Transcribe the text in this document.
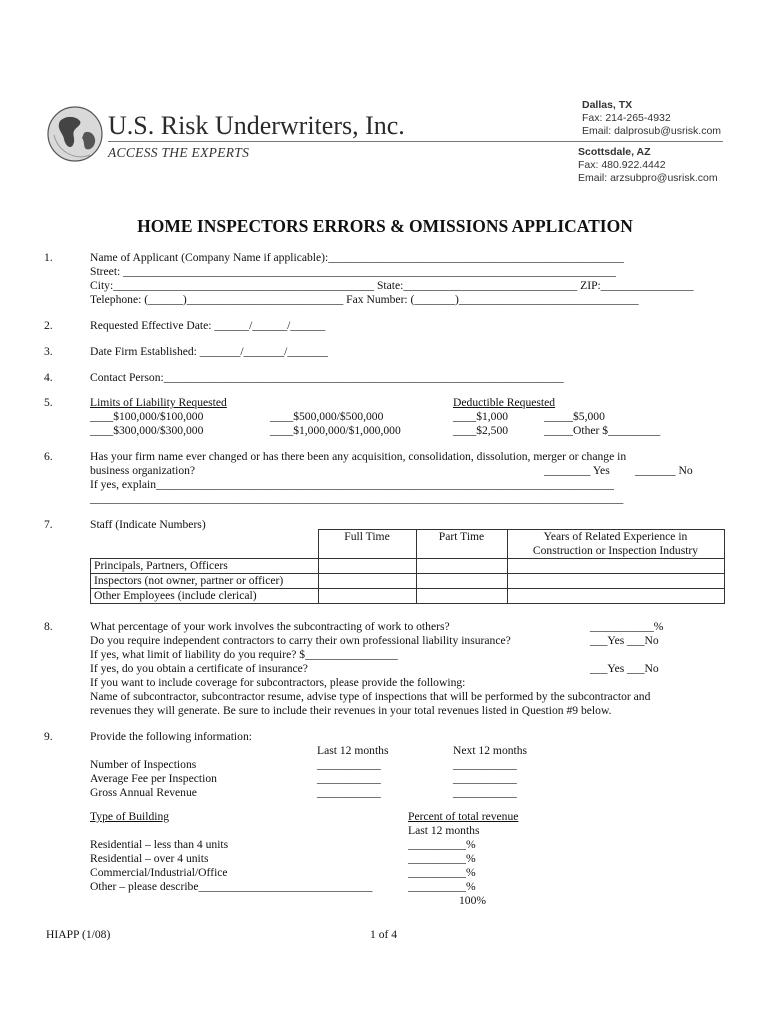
U.S. Risk Underwriters, Inc.
ACCESS THE EXPERTS
Dallas, TX
Fax: 214-265-4932
Email: dalprosub@usrisk.com
Scottsdale, AZ
Fax: 480.922.4442
Email: arzsubpro@usrisk.com
HOME INSPECTORS ERRORS & OMISSIONS APPLICATION
1.	Name of Applicant (Company Name if applicable):___________________________________________________
Street: _____________________________________________________________________________________
City:_____________________________________________ State:______________________________ ZIP:________________
Telephone: (______)___________________________ Fax Number: (_______)_______________________________
2.	Requested Effective Date: ______/______/______
3.	Date Firm Established: _______/_______/_______
4.	Contact Person:_____________________________________________________________________
5.	Limits of Liability Requested	Deductible Requested
____$100,000/$100,000	____$500,000/$500,000	____$1,000	_____$5,000
____$300,000/$300,000	____$1,000,000/$1,000,000	____$2,500	_____Other $_________
6.	Has your firm name ever changed or has there been any acquisition, consolidation, dissolution, merger or change in
business organization?	________ Yes _______ No
If yes, explain_______________________________________________________________________________
____________________________________________________________________________________________
7.	Staff (Indicate Numbers)
	Full Time	Part Time	Years of Related Experience in
Construction or Inspection Industry
Principals, Partners, Officers			
Inspectors (not owner, partner or officer)			
Other Employees (include clerical)			
8.	What percentage of your work involves the subcontracting of work to others?	___________%
Do you require independent contractors to carry their own professional liability insurance?	___Yes ___No
If yes, what limit of liability do you require? $________________
If yes, do you obtain a certificate of insurance?	___Yes ___No
If you want to include coverage for subcontractors, please provide the following:
Name of subcontractor, subcontractor resume, advise type of inspections that will be performed by the subcontractor and
revenues they will generate. Be sure to include their revenues in your total revenues listed in Question #9 below.
9.	Provide the following information:
Last 12 months	Next 12 months
Number of Inspections	___________	___________
Average Fee per Inspection	___________	___________
Gross Annual Revenue	___________	___________
Type of Building	Percent of total revenue
Last 12 months
Residential – less than 4 units	__________%
Residential – over 4 units	__________%
Commercial/Industrial/Office	__________%
Other – please describe______________________________	__________%
100%
HIAPP (1/08)	1 of 4
